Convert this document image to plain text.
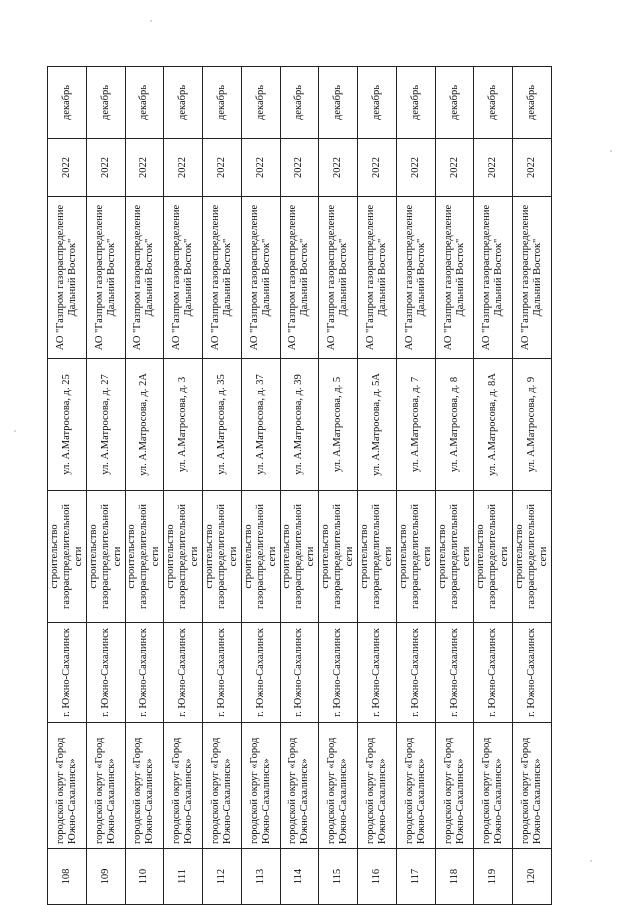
108	городской округ «Город Южно-Сахалинск»	г. Южно-Сахалинск	строительство газораспределительной сети	ул. А.Матросова, д. 25	АО "Газпром газораспределение Дальний Восток"	2022	декабрь
109	городской округ «Город Южно-Сахалинск»	г. Южно-Сахалинск	строительство газораспределительной сети	ул. А.Матросова, д. 27	АО "Газпром газораспределение Дальний Восток"	2022	декабрь
110	городской округ «Город Южно-Сахалинск»	г. Южно-Сахалинск	строительство газораспределительной сети	ул. А.Матросова, д. 2А	АО "Газпром газораспределение Дальний Восток"	2022	декабрь
111	городской округ «Город Южно-Сахалинск»	г. Южно-Сахалинск	строительство газораспределительной сети	ул. А.Матросова, д. 3	АО "Газпром газораспределение Дальний Восток"	2022	декабрь
112	городской округ «Город Южно-Сахалинск»	г. Южно-Сахалинск	строительство газораспределительной сети	ул. А.Матросова, д. 35	АО "Газпром газораспределение Дальний Восток"	2022	декабрь
113	городской округ «Город Южно-Сахалинск»	г. Южно-Сахалинск	строительство газораспределительной сети	ул. А.Матросова, д. 37	АО "Газпром газораспределение Дальний Восток"	2022	декабрь
114	городской округ «Город Южно-Сахалинск»	г. Южно-Сахалинск	строительство газораспределительной сети	ул. А.Матросова, д. 39	АО "Газпром газораспределение Дальний Восток"	2022	декабрь
115	городской округ «Город Южно-Сахалинск»	г. Южно-Сахалинск	строительство газораспределительной сети	ул. А.Матросова, д. 5	АО "Газпром газораспределение Дальний Восток"	2022	декабрь
116	городской округ «Город Южно-Сахалинск»	г. Южно-Сахалинск	строительство газораспределительной сети	ул. А.Матросова, д. 5А	АО "Газпром газораспределение Дальний Восток"	2022	декабрь
117	городской округ «Город Южно-Сахалинск»	г. Южно-Сахалинск	строительство газораспределительной сети	ул. А.Матросова, д. 7	АО "Газпром газораспределение Дальний Восток"	2022	декабрь
118	городской округ «Город Южно-Сахалинск»	г. Южно-Сахалинск	строительство газораспределительной сети	ул. А.Матросова, д. 8	АО "Газпром газораспределение Дальний Восток"	2022	декабрь
119	городской округ «Город Южно-Сахалинск»	г. Южно-Сахалинск	строительство газораспределительной сети	ул. А.Матросова, д. 8А	АО "Газпром газораспределение Дальний Восток"	2022	декабрь
120	городской округ «Город Южно-Сахалинск»	г. Южно-Сахалинск	строительство газораспределительной сети	ул. А.Матросова, д. 9	АО "Газпром газораспределение Дальний Восток"	2022	декабрь
